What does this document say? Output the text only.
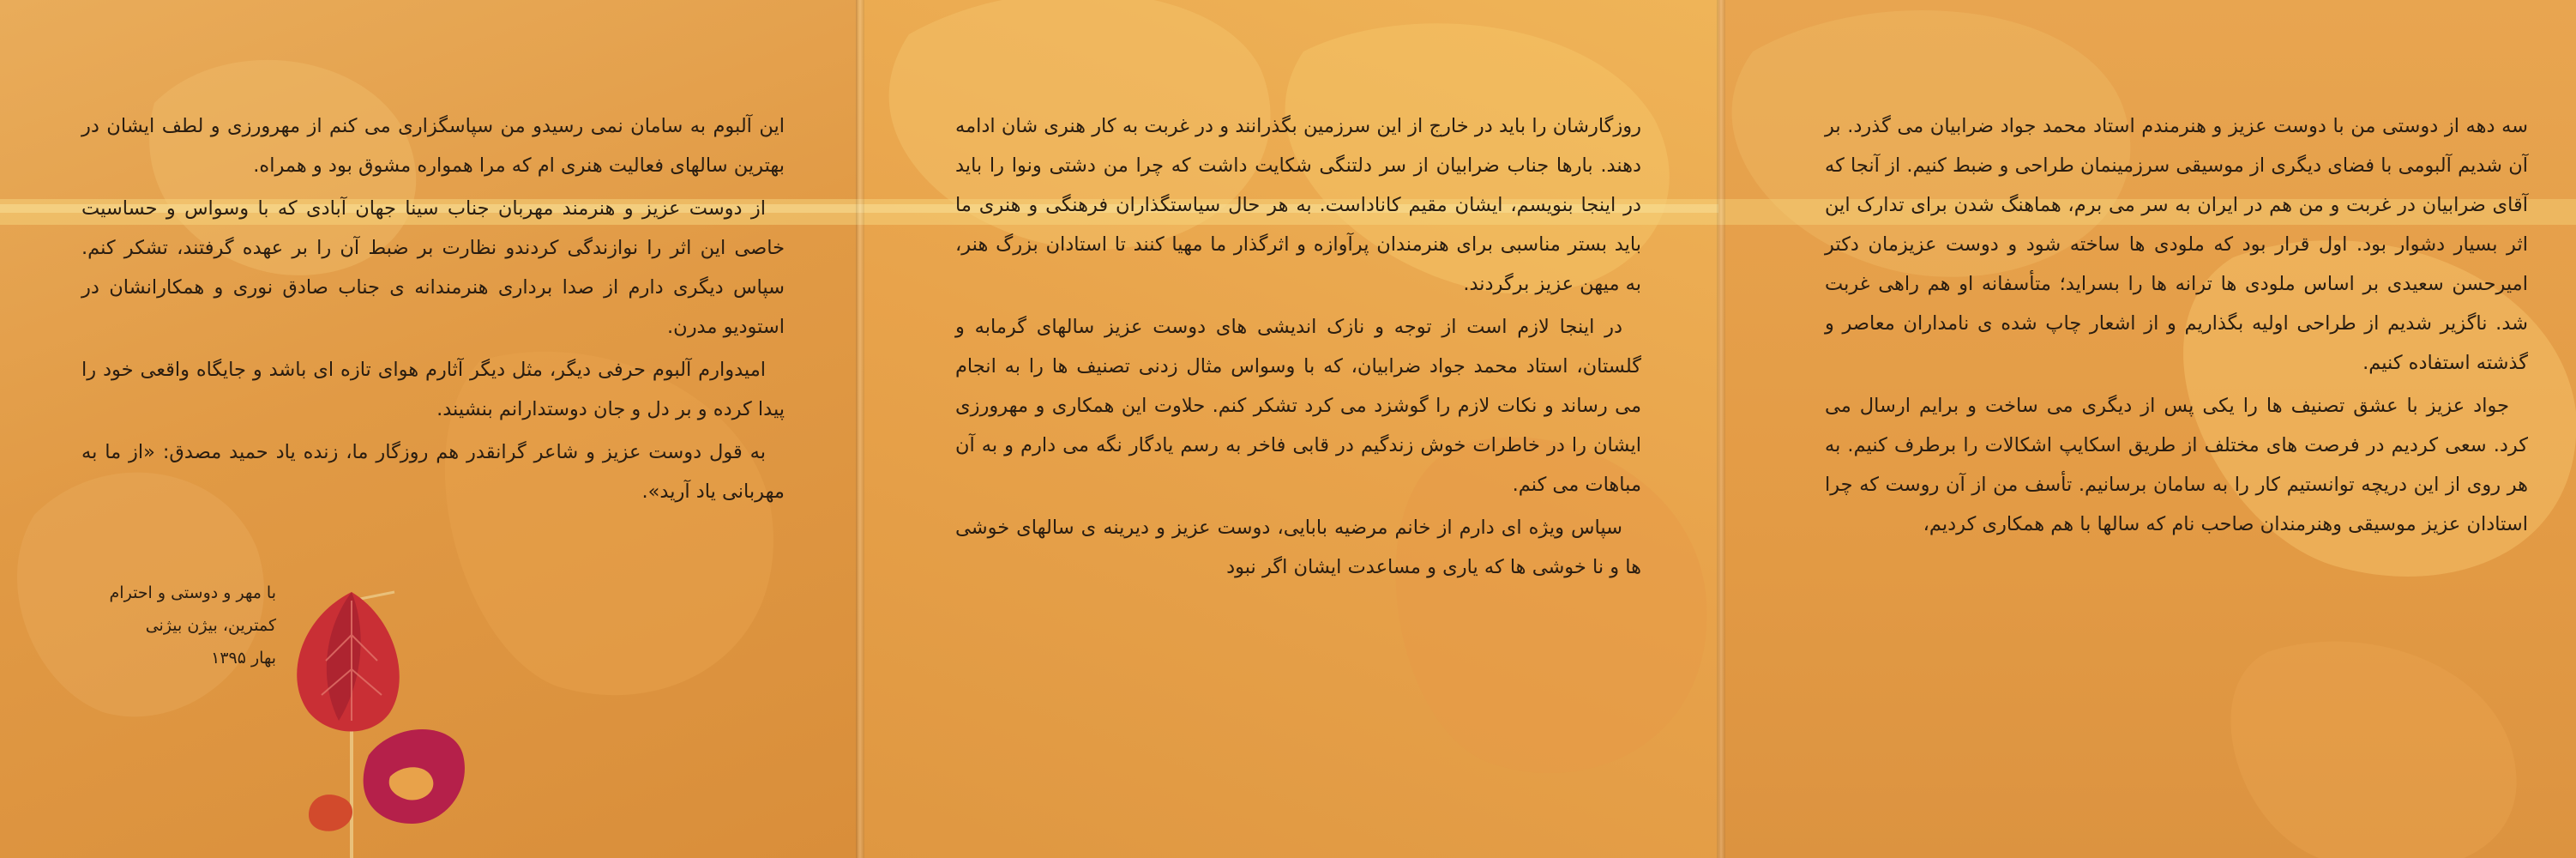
این آلبوم به سامان نمی رسیدو من سپاسگزاری می کنم از مهرورزی و لطف ایشان در بهترین سالهای فعالیت هنری ام که مرا همواره مشوق بود و همراه.

از دوست عزیز و هنرمند مهربان جناب سینا جهان آبادی که با وسواس و حساسیت خاصی این اثر را نوازندگی کردندو نظارت بر ضبط آن را بر عهده گرفتند، تشکر کنم. سپاس دیگری دارم از صدا برداری هنرمندانه ی جناب صادق نوری و همکارانشان در استودیو مدرن.

امیدوارم آلبوم حرفی دیگر، مثل دیگر آثارم هوای تازه ای باشد و جایگاه واقعی خود را پیدا کرده و بر دل و جان دوستدارانم بنشیند.

به قول دوست عزیز و شاعر گرانقدر هم روزگار ما، زنده یاد حمید مصدق: «از ما به مهربانی یاد آرید».

با مهر و دوستی و احترام
کمترین، بیژن بیژنی
بهار ۱۳۹۵

روزگارشان را باید در خارج از این سرزمین بگذرانند و در غربت به کار هنری شان ادامه دهند. بارها جناب ضرابیان از سر دلتنگی شکایت داشت که چرا من دشتی ونوا را باید در اینجا بنویسم، ایشان مقیم کاناداست. به هر حال سیاستگذاران فرهنگی و هنری ما باید بستر مناسبی برای هنرمندان پرآوازه و اثرگذار ما مهیا کنند تا استادان بزرگ هنر، به میهن عزیز برگردند.

در اینجا لازم است از توجه و نازک اندیشی های دوست عزیز سالهای گرمابه و گلستان، استاد محمد جواد ضرابیان، که با وسواس مثال زدنی تصنیف ها را به انجام می رساند و نکات لازم را گوشزد می کرد تشکر کنم. حلاوت این همکاری و مهرورزی ایشان را در خاطرات خوش زندگیم در قابی فاخر به رسم یادگار نگه می دارم و به آن مباهات می کنم.

سپاس ویژه ای دارم از خانم مرضیه بابایی، دوست عزیز و دیرینه ی سالهای خوشی ها و نا خوشی ها که یاری و مساعدت ایشان اگر نبود

سه دهه از دوستی من با دوست عزیز و هنرمندم استاد محمد جواد ضرابیان می گذرد. بر آن شدیم آلبومی با فضای دیگری از موسیقی سرزمینمان طراحی و ضبط کنیم. از آنجا که آقای ضرابیان در غربت و من هم در ایران به سر می برم، هماهنگ شدن برای تدارک این اثر بسیار دشوار بود. اول قرار بود که ملودی ها ساخته شود و دوست عزیزمان دکتر امیرحسن سعیدی بر اساس ملودی ها ترانه ها را بسراید؛ متأسفانه او هم راهی غربت شد. ناگزیر شدیم از طراحی اولیه بگذاریم و از اشعار چاپ شده ی نامداران معاصر و گذشته استفاده کنیم.

جواد عزیز با عشق تصنیف ها را یکی پس از دیگری می ساخت و برایم ارسال می کرد. سعی کردیم در فرصت های مختلف از طریق اسکایپ اشکالات را برطرف کنیم. به هر روی از این دریچه توانستیم کار را به سامان برسانیم. تأسف من از آن روست که چرا استادان عزیز موسیقی وهنرمندان صاحب نام که سالها با هم همکاری کردیم،
